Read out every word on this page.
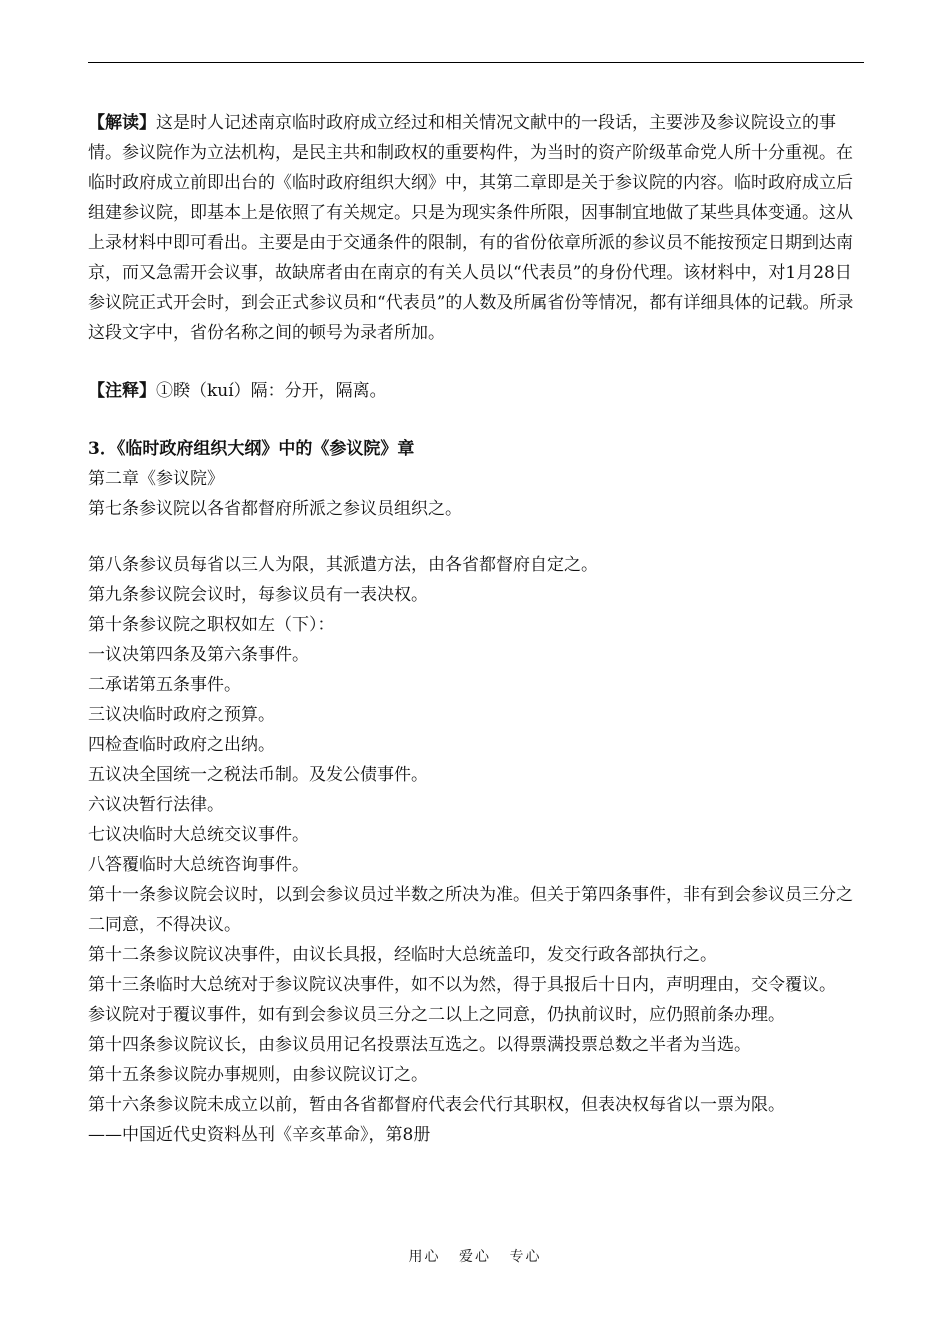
【解读】这是时人记述南京临时政府成立经过和相关情况文献中的一段话，主要涉及参议院设立的事情。参议院作为立法机构，是民主共和制政权的重要构件，为当时的资产阶级革命党人所十分重视。在临时政府成立前即出台的《临时政府组织大纲》中，其第二章即是关于参议院的内容。临时政府成立后组建参议院，即基本上是依照了有关规定。只是为现实条件所限，因事制宜地做了某些具体变通。这从上录材料中即可看出。主要是由于交通条件的限制，有的省份依章所派的参议员不能按预定日期到达南京，而又急需开会议事，故缺席者由在南京的有关人员以“代表员”的身份代理。该材料中，对1月28日参议院正式开会时，到会正式参议员和“代表员”的人数及所属省份等情况，都有详细具体的记载。所录这段文字中，省份名称之间的顿号为录者所加。

【注释】①睽（kuí）隔：分开，隔离。

3．《临时政府组织大纲》中的《参议院》章

第二章《参议院》

第七条参议院以各省都督府所派之参议员组织之。

第八条参议员每省以三人为限，其派遣方法，由各省都督府自定之。

第九条参议院会议时，每参议员有一表决权。

第十条参议院之职权如左（下）：

一议决第四条及第六条事件。

二承诺第五条事件。

三议决临时政府之预算。

四检查临时政府之出纳。

五议决全国统一之税法币制。及发公债事件。

六议决暂行法律。

七议决临时大总统交议事件。

八答覆临时大总统咨询事件。

第十一条参议院会议时，以到会参议员过半数之所决为准。但关于第四条事件，非有到会参议员三分之二同意，不得决议。

第十二条参议院议决事件，由议长具报，经临时大总统盖印，发交行政各部执行之。

第十三条临时大总统对于参议院议决事件，如不以为然，得于具报后十日内，声明理由，交令覆议。

参议院对于覆议事件，如有到会参议员三分之二以上之同意，仍执前议时，应仍照前条办理。

第十四条参议院议长，由参议员用记名投票法互选之。以得票满投票总数之半者为当选。

第十五条参议院办事规则，由参议院议订之。

第十六条参议院未成立以前，暂由各省都督府代表会代行其职权，但表决权每省以一票为限。

——中国近代史资料丛刊《辛亥革命》，第8册

用心 爱心 专心
